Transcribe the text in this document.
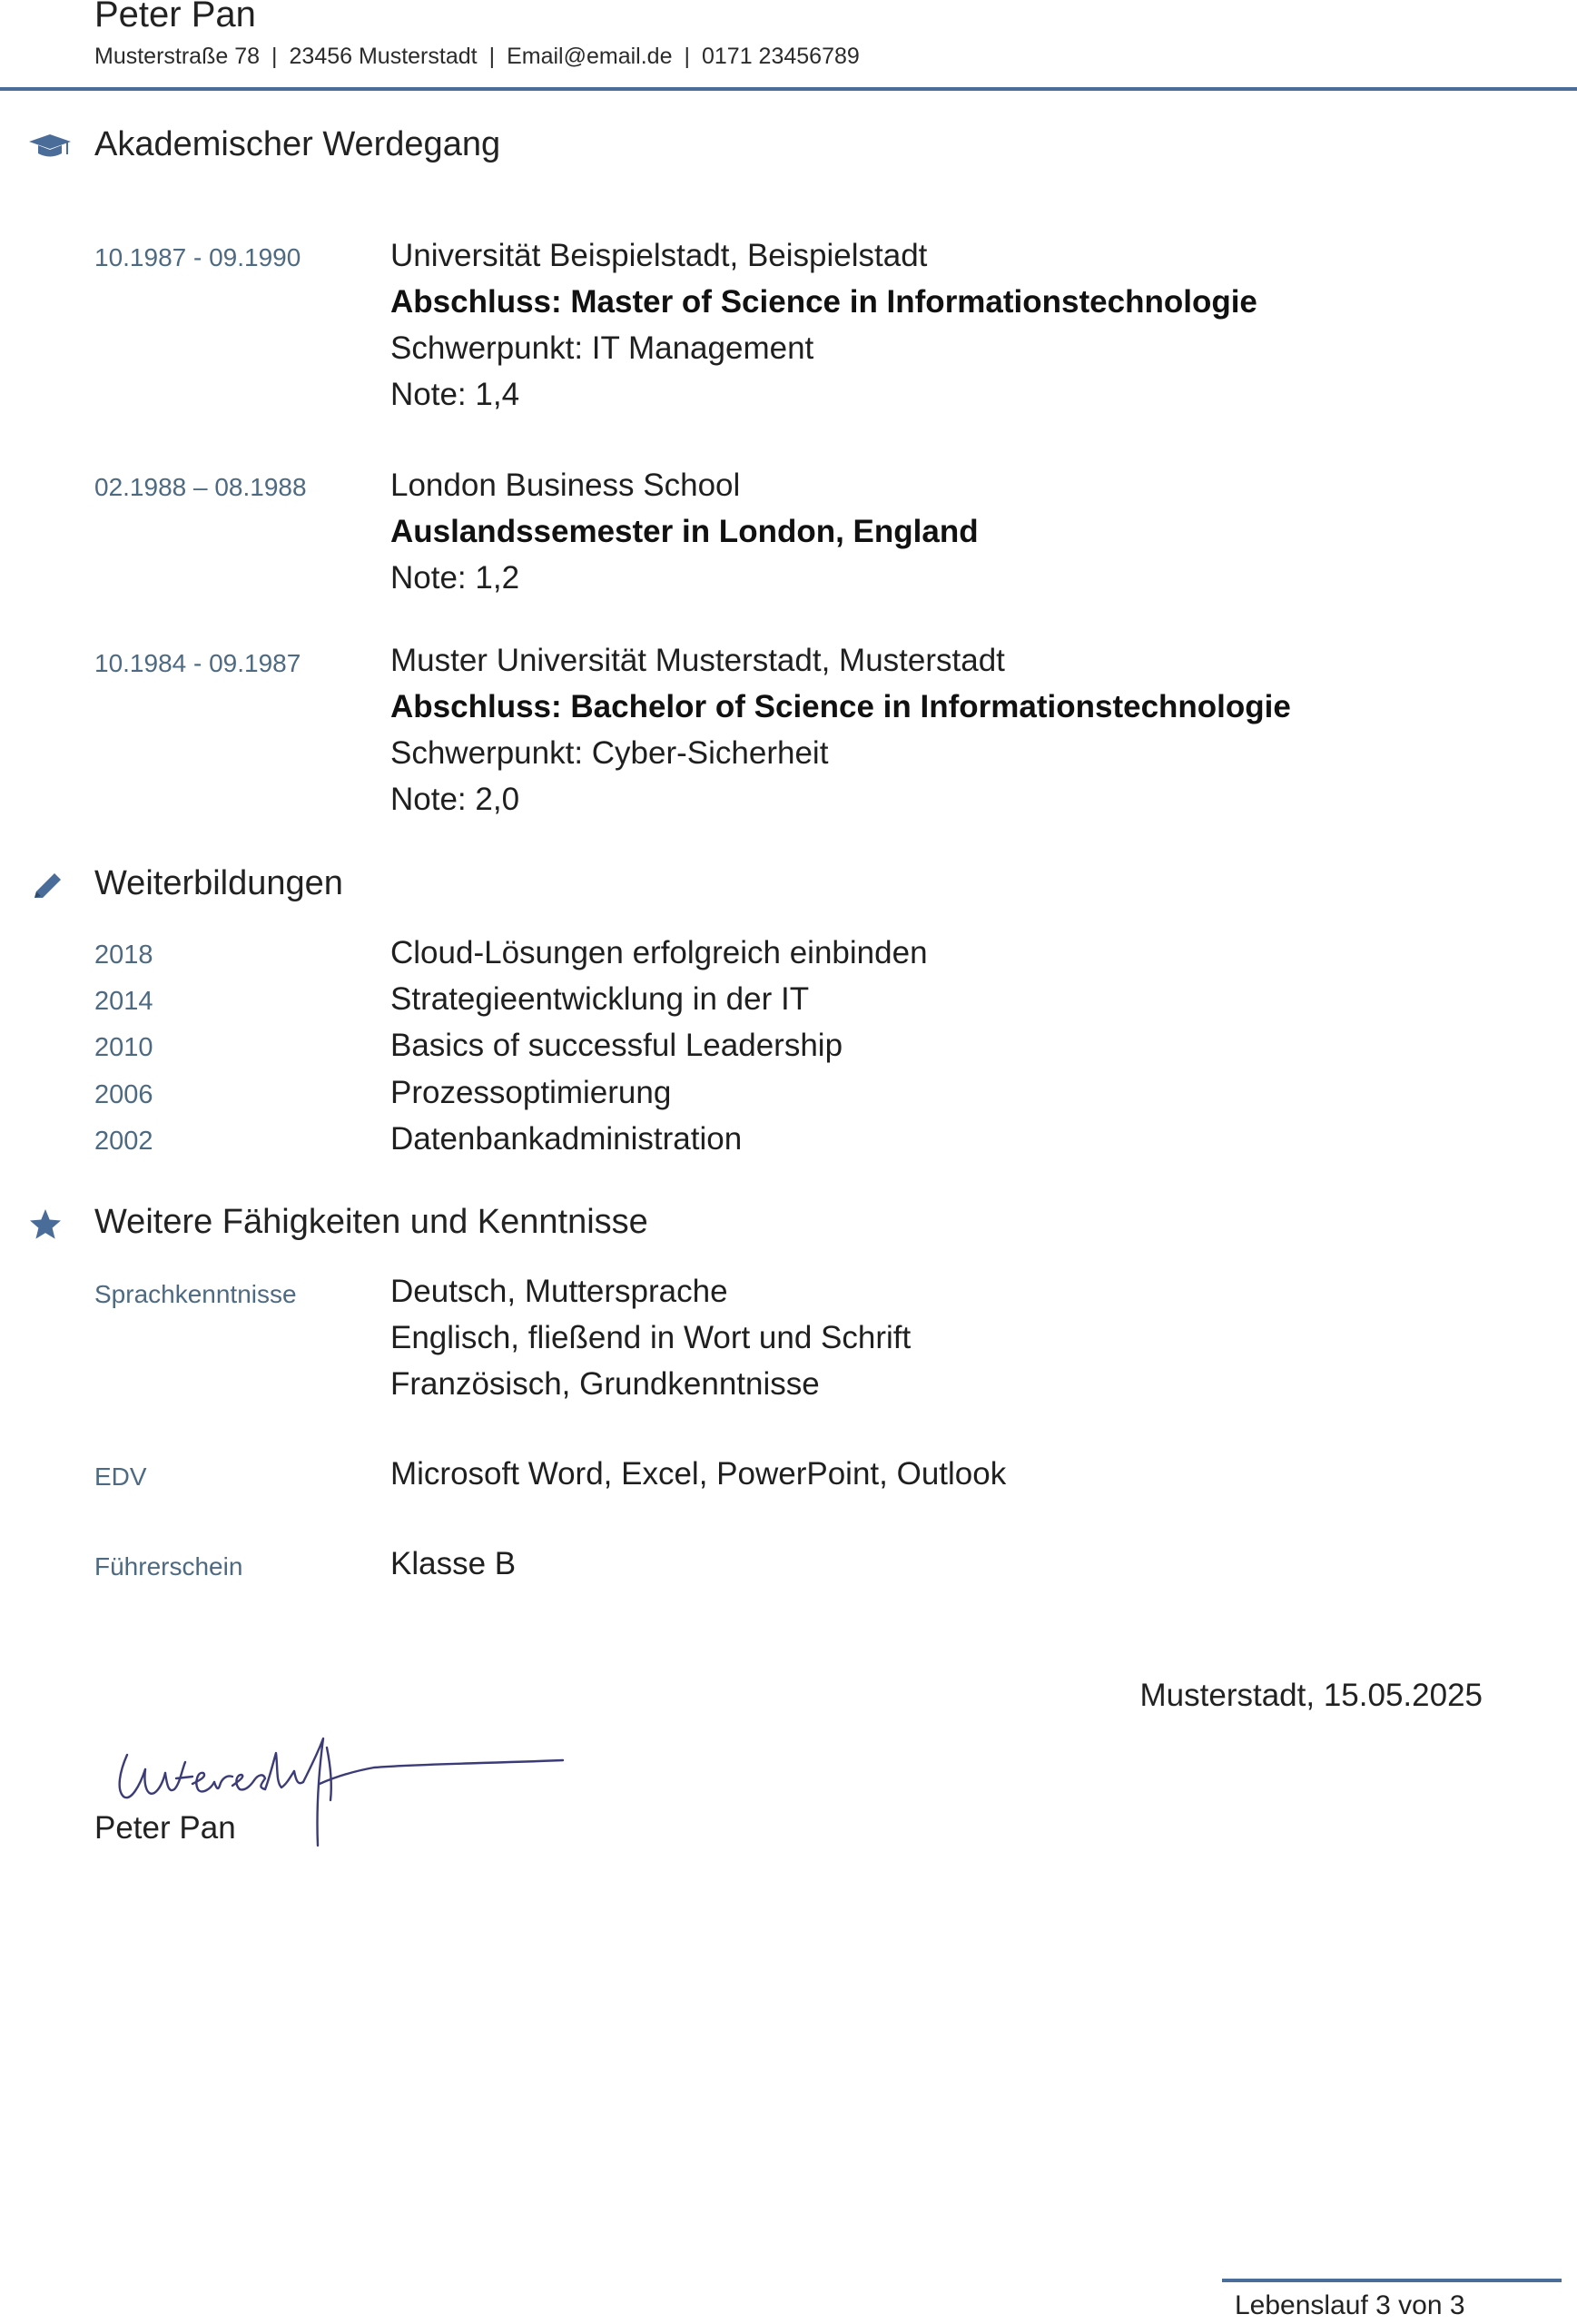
Peter Pan
Musterstraße 78 | 23456 Musterstadt | Email@email.de | 0171 23456789
Akademischer Werdegang
10.1987 - 09.1990	Universität Beispielstadt, Beispielstadt
Abschluss: Master of Science in Informationstechnologie
Schwerpunkt: IT Management
Note: 1,4
02.1988 – 08.1988	London Business School
Auslandssemester in London, England
Note: 1,2
10.1984 - 09.1987	Muster Universität Musterstadt, Musterstadt
Abschluss: Bachelor of Science in Informationstechnologie
Schwerpunkt: Cyber-Sicherheit
Note: 2,0
Weiterbildungen
2018	Cloud-Lösungen erfolgreich einbinden
2014	Strategieentwicklung in der IT
2010	Basics of successful Leadership
2006	Prozessoptimierung
2002	Datenbankadministration
Weitere Fähigkeiten und Kenntnisse
Sprachkenntnisse	Deutsch, Muttersprache
Englisch, fließend in Wort und Schrift
Französisch, Grundkenntnisse
EDV	Microsoft Word, Excel, PowerPoint, Outlook
Führerschein	Klasse B
Musterstadt, 15.05.2025
Unterschrift
Peter Pan
Lebenslauf 3 von 3
